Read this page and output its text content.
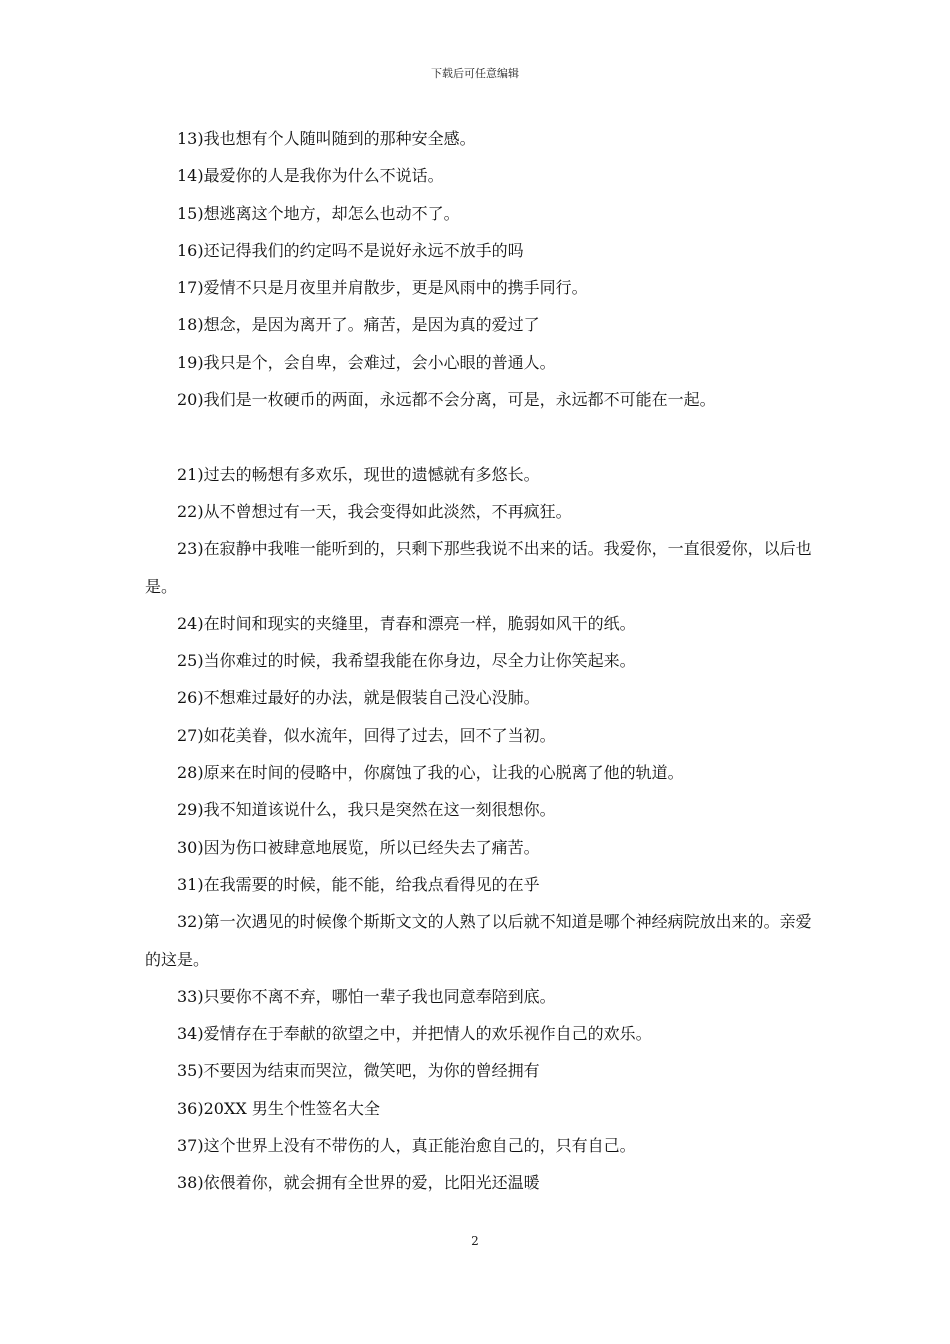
下载后可任意编辑

13)我也想有个人随叫随到的那种安全感。

14)最爱你的人是我你为什么不说话。

15)想逃离这个地方，却怎么也动不了。

16)还记得我们的约定吗不是说好永远不放手的吗

17)爱情不只是月夜里并肩散步，更是风雨中的携手同行。

18)想念，是因为离开了。痛苦，是因为真的爱过了

19)我只是个，会自卑，会难过，会小心眼的普通人。

20)我们是一枚硬币的两面，永远都不会分离，可是，永远都不可能在一起。

21)过去的畅想有多欢乐，现世的遗憾就有多悠长。

22)从不曾想过有一天，我会变得如此淡然，不再疯狂。

23)在寂静中我唯一能听到的，只剩下那些我说不出来的话。我爱你，一直很爱你，以后也是。

24)在时间和现实的夹缝里，青春和漂亮一样，脆弱如风干的纸。

25)当你难过的时候，我希望我能在你身边，尽全力让你笑起来。

26)不想难过最好的办法，就是假装自己没心没肺。

27)如花美眷，似水流年，回得了过去，回不了当初。

28)原来在时间的侵略中，你腐蚀了我的心，让我的心脱离了他的轨道。

29)我不知道该说什么，我只是突然在这一刻很想你。

30)因为伤口被肆意地展览，所以已经失去了痛苦。

31)在我需要的时候，能不能，给我点看得见的在乎

32)第一次遇见的时候像个斯斯文文的人熟了以后就不知道是哪个神经病院放出来的。亲爱的这是。

33)只要你不离不弃，哪怕一辈子我也同意奉陪到底。

34)爱情存在于奉献的欲望之中，并把情人的欢乐视作自己的欢乐。

35)不要因为结束而哭泣，微笑吧，为你的曾经拥有

36)20XX 男生个性签名大全

37)这个世界上没有不带伤的人，真正能治愈自己的，只有自己。

38)依偎着你，就会拥有全世界的爱，比阳光还温暖

2
